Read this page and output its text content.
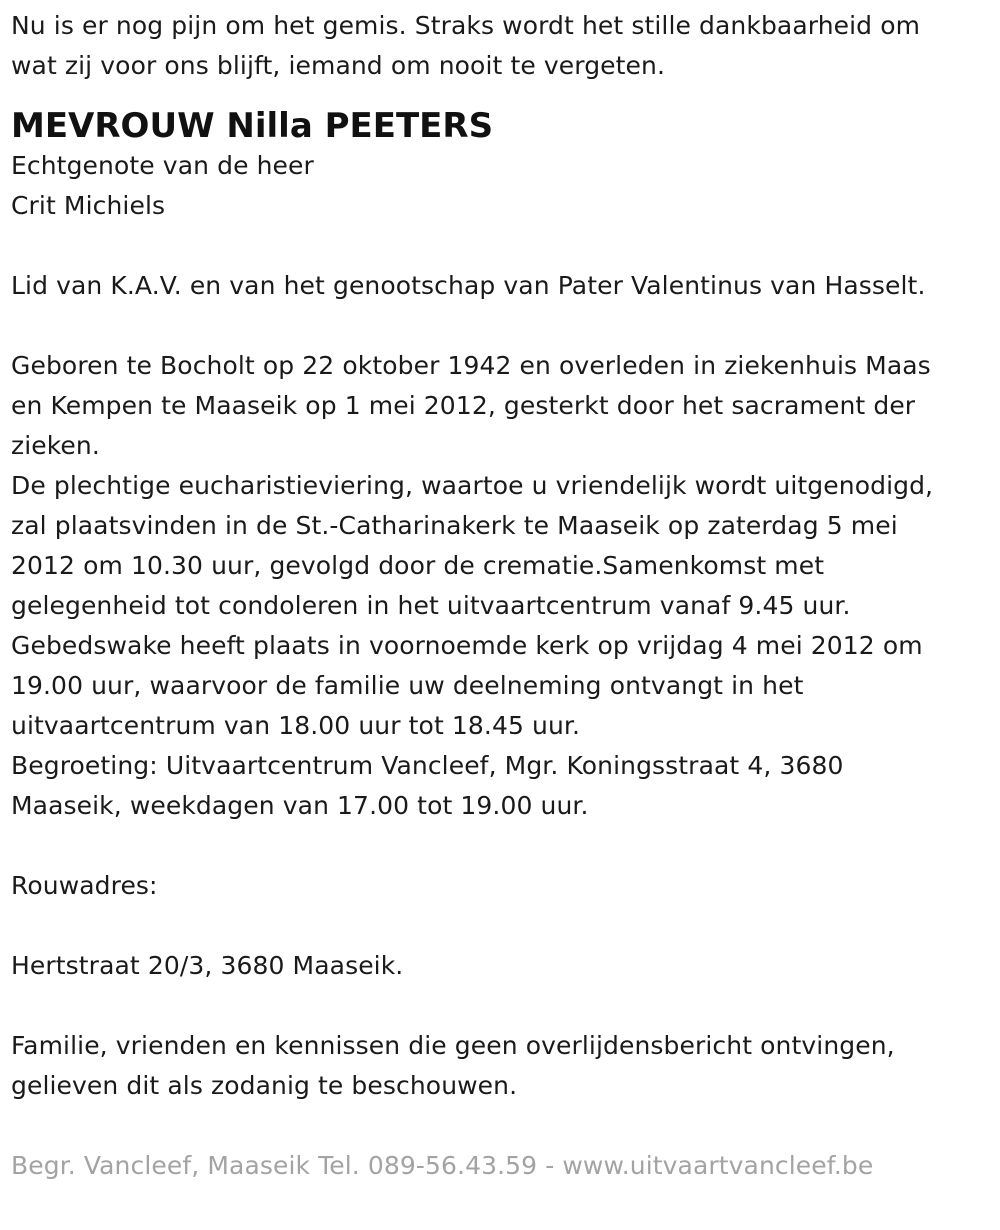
Nu is er nog pijn om het gemis. Straks wordt het stille dankbaarheid om
wat zij voor ons blijft, iemand om nooit te vergeten.
MEVROUW Nilla PEETERS
Echtgenote van de heer
Crit Michiels
Lid van K.A.V. en van het genootschap van Pater Valentinus van Hasselt.
Geboren te Bocholt op 22 oktober 1942 en overleden in ziekenhuis Maas
en Kempen te Maaseik op 1 mei 2012, gesterkt door het sacrament der
zieken.
De plechtige eucharistieviering, waartoe u vriendelijk wordt uitgenodigd,
zal plaatsvinden in de St.-Catharinakerk te Maaseik op zaterdag 5 mei
2012 om 10.30 uur, gevolgd door de crematie.Samenkomst met
gelegenheid tot condoleren in het uitvaartcentrum vanaf 9.45 uur.
Gebedswake heeft plaats in voornoemde kerk op vrijdag 4 mei 2012 om
19.00 uur, waarvoor de familie uw deelneming ontvangt in het
uitvaartcentrum van 18.00 uur tot 18.45 uur.
Begroeting: Uitvaartcentrum Vancleef, Mgr. Koningsstraat 4, 3680
Maaseik, weekdagen van 17.00 tot 19.00 uur.
Rouwadres:
Hertstraat 20/3, 3680 Maaseik.
Familie, vrienden en kennissen die geen overlijdensbericht ontvingen,
gelieven dit als zodanig te beschouwen.
Begr. Vancleef, Maaseik Tel. 089-56.43.59 - www.uitvaartvancleef.be
